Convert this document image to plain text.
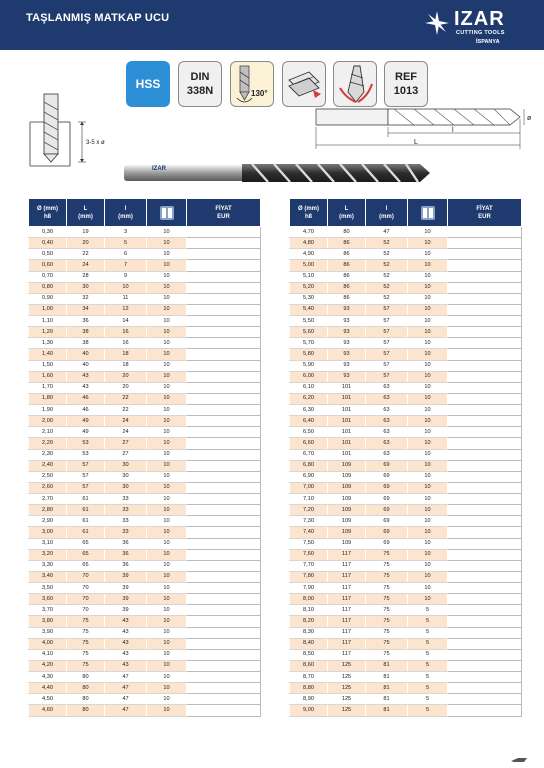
TAŞLANMIŞ MATKAP UCU	IZAR
CUTTING TOOLS
İSPANYA
HSS	DIN
338N	130°
REF
1013
3-5 x ø
ø
l
L
IZAR
Ø (mm)
h8	L
(mm)	l
(mm)		FİYAT
EUR
0,30	19	3	10	
0,40	20	5	10	
0,50	22	6	10	
0,60	24	7	10	
0,70	28	9	10	
0,80	30	10	10	
0,90	32	11	10	
1,00	34	12	10	
1,10	36	14	10	
1,20	38	16	10	
1,30	38	16	10	
1,40	40	18	10	
1,50	40	18	10	
1,60	43	20	10	
1,70	43	20	10	
1,80	46	22	10	
1,90	46	22	10	
2,00	49	24	10	
2,10	49	24	10	
2,20	53	27	10	
2,30	53	27	10	
2,40	57	30	10	
2,50	57	30	10	
2,60	57	30	10	
2,70	61	33	10	
2,80	61	33	10	
2,90	61	33	10	
3,00	61	33	10	
3,10	65	36	10	
3,20	65	36	10	
3,30	65	36	10	
3,40	70	39	10	
3,50	70	39	10	
3,60	70	39	10	
3,70	70	39	10	
3,80	75	43	10	
3,90	75	43	10	
4,00	75	43	10	
4,10	75	43	10	
4,20	75	43	10	
4,30	80	47	10	
4,40	80	47	10	
4,50	80	47	10	
4,60	80	47	10	
Ø (mm)
h8	L
(mm)	l
(mm)		FİYAT
EUR
4,70	80	47	10	
4,80	86	52	10	
4,90	86	52	10	
5,00	86	52	10	
5,10	86	52	10	
5,20	86	52	10	
5,30	86	52	10	
5,40	93	57	10	
5,50	93	57	10	
5,60	93	57	10	
5,70	93	57	10	
5,80	93	57	10	
5,90	93	57	10	
6,00	93	57	10	
6,10	101	63	10	
6,20	101	63	10	
6,30	101	63	10	
6,40	101	63	10	
6,50	101	63	10	
6,60	101	63	10	
6,70	101	63	10	
6,80	109	69	10	
6,90	109	69	10	
7,00	109	69	10	
7,10	109	69	10	
7,20	109	69	10	
7,30	109	69	10	
7,40	109	69	10	
7,50	109	69	10	
7,60	117	75	10	
7,70	117	75	10	
7,80	117	75	10	
7,90	117	75	10	
8,00	117	75	10	
8,10	117	75	5	
8,20	117	75	5	
8,30	117	75	5	
8,40	117	75	5	
8,50	117	75	5	
8,60	125	81	5	
8,70	125	81	5	
8,80	125	81	5	
8,90	125	81	5	
9,00	125	81	5	
